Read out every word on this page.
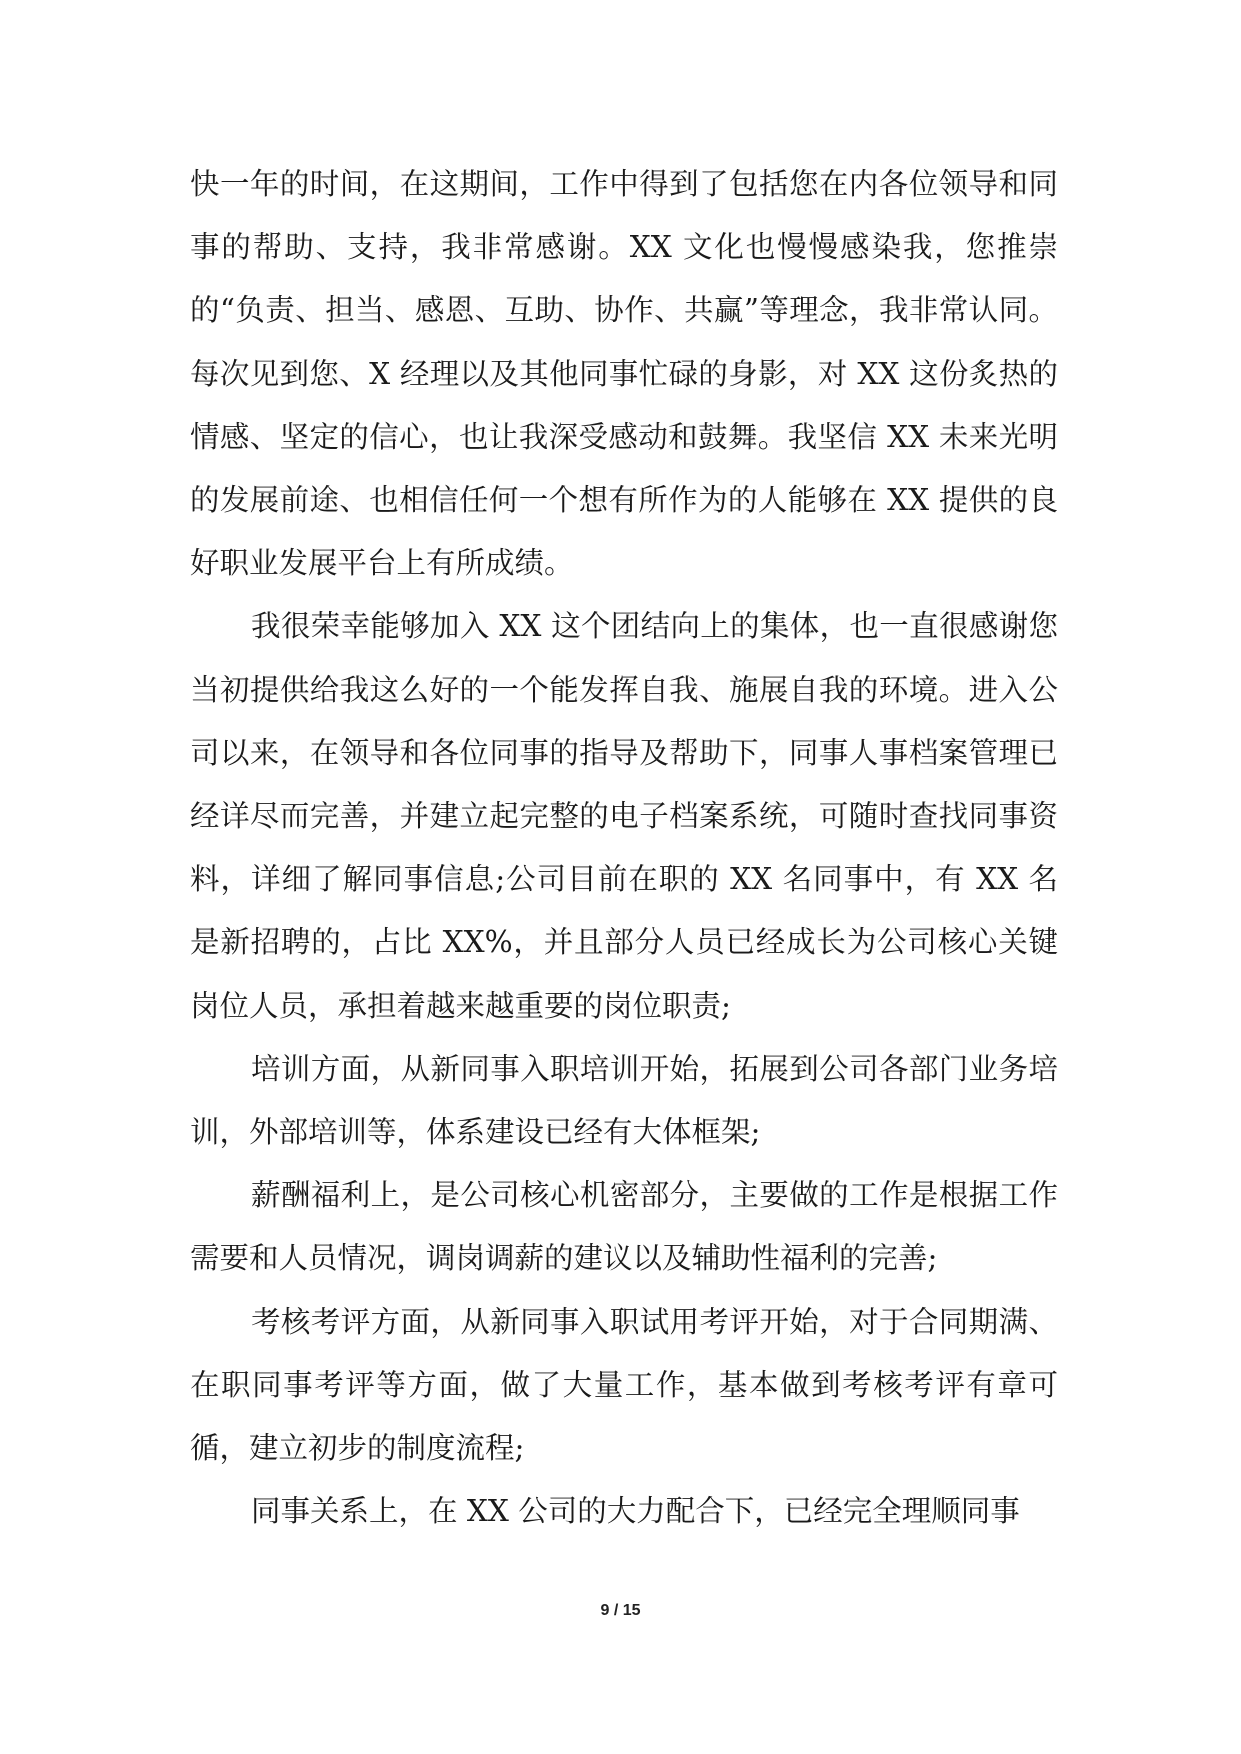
快一年的时间，在这期间，工作中得到了包括您在内各位领导和同事的帮助、支持，我非常感谢。XX 文化也慢慢感染我，您推崇的“负责、担当、感恩、互助、协作、共赢”等理念，我非常认同。每次见到您、X 经理以及其他同事忙碌的身影，对 XX 这份炙热的情感、坚定的信心，也让我深受感动和鼓舞。我坚信 XX 未来光明的发展前途、也相信任何一个想有所作为的人能够在 XX 提供的良好职业发展平台上有所成绩。

我很荣幸能够加入 XX 这个团结向上的集体，也一直很感谢您当初提供给我这么好的一个能发挥自我、施展自我的环境。进入公司以来，在领导和各位同事的指导及帮助下，同事人事档案管理已经详尽而完善，并建立起完整的电子档案系统，可随时查找同事资料，详细了解同事信息;公司目前在职的 XX 名同事中，有 XX 名是新招聘的，占比 XX%，并且部分人员已经成长为公司核心关键岗位人员，承担着越来越重要的岗位职责;

培训方面，从新同事入职培训开始，拓展到公司各部门业务培训，外部培训等，体系建设已经有大体框架;

薪酬福利上，是公司核心机密部分，主要做的工作是根据工作需要和人员情况，调岗调薪的建议以及辅助性福利的完善;

考核考评方面，从新同事入职试用考评开始，对于合同期满、在职同事考评等方面，做了大量工作，基本做到考核考评有章可循，建立初步的制度流程;

同事关系上，在 XX 公司的大力配合下，已经完全理顺同事

9 / 15
